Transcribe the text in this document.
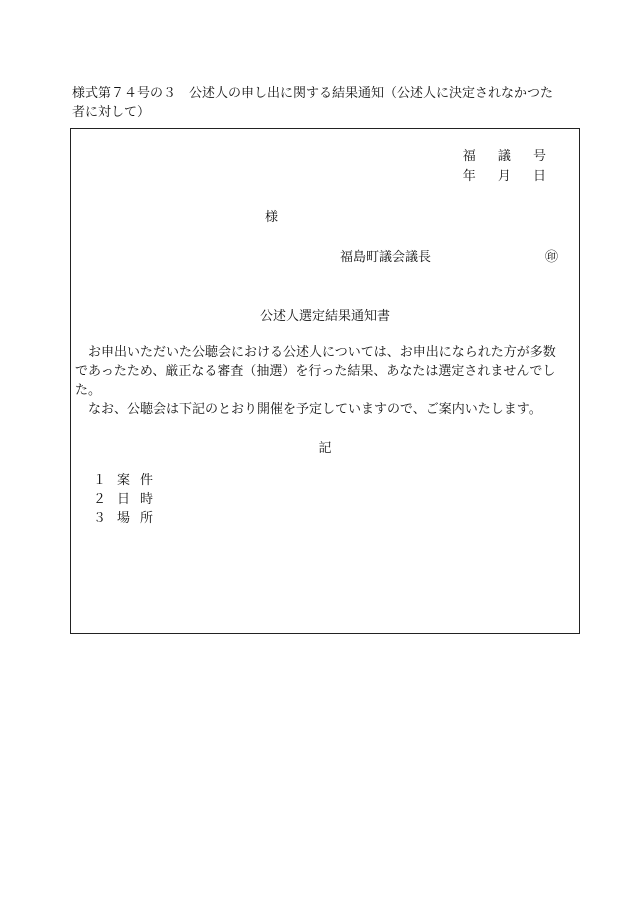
様式第７４号の３　公述人の申し出に関する結果通知（公述人に決定されなかつた者に対して）
福 議 号
年 月 日
様
福島町議会議長	㊞
公述人選定結果通知書

お申出いただいた公聴会における公述人については、お申出になられた方が多数であったため、厳正なる審査（抽選）を行った結果、あなたは選定されませんでした。

なお、公聴会は下記のとおり開催を予定していますので、ご案内いたします。

記
１ 案件
２ 日時
３ 場所
